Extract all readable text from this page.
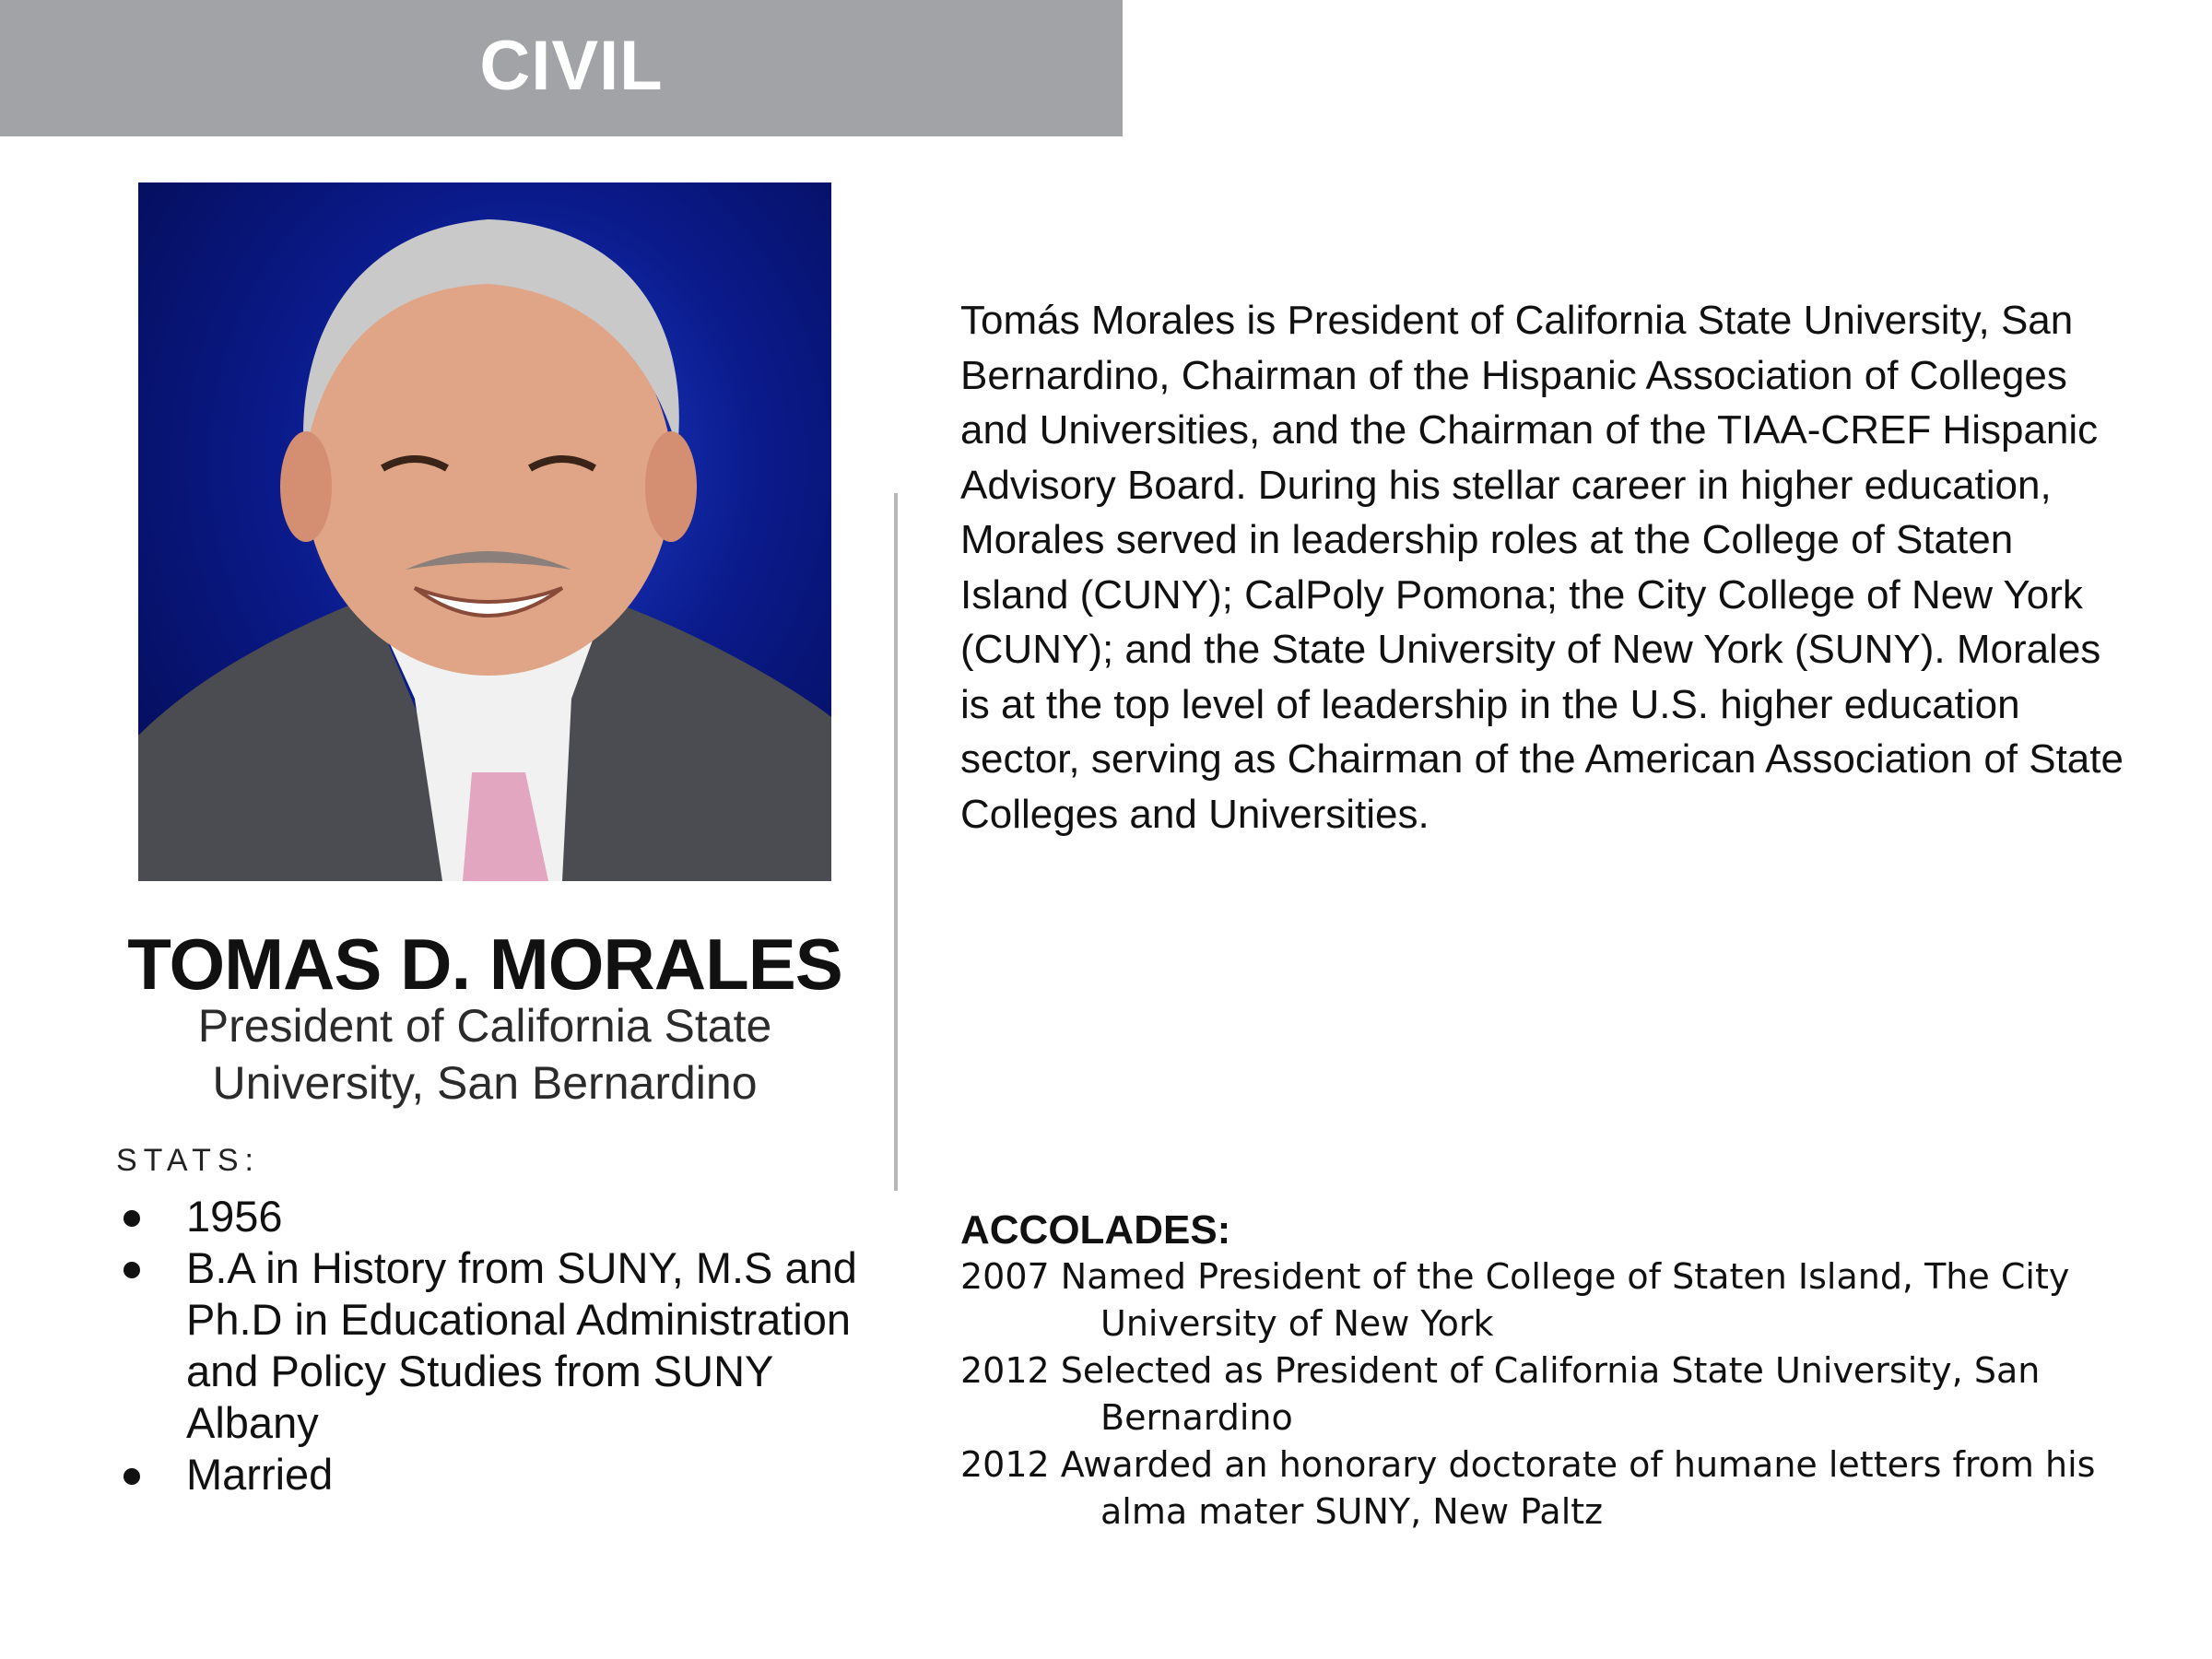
CIVIL
TOMAS D. MORALES
President of California State
University, San Bernardino
STATS:
1956
B.A in History from SUNY, M.S and Ph.D in Educational Administration and Policy Studies from SUNY Albany
Married

Tomás Morales is President of California State University, San Bernardino, Chairman of the Hispanic Association of Colleges and Universities, and the Chairman of the TIAA-CREF Hispanic Advisory Board. During his stellar career in higher education, Morales served in leadership roles at the College of Staten Island (CUNY); CalPoly Pomona; the City College of New York (CUNY); and the State University of New York (SUNY). Morales is at the top level of leadership in the U.S. higher education sector, serving as Chairman of the American Association of State Colleges and Universities.

ACCOLADES:
2007 Named President of the College of Staten Island, The City University of New York
2012 Selected as President of California State University, San Bernardino
2012 Awarded an honorary doctorate of humane letters from his alma mater SUNY, New Paltz
